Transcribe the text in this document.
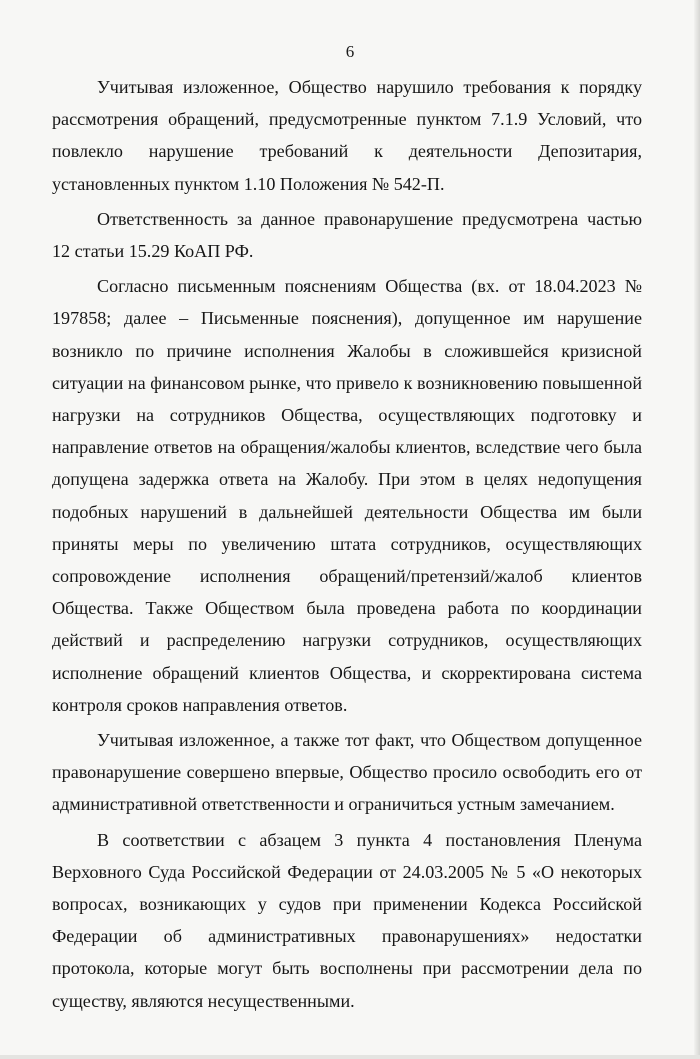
6

Учитывая изложенное, Общество нарушило требования к порядку рассмотрения обращений, предусмотренные пунктом 7.1.9 Условий, что повлекло нарушение требований к деятельности Депозитария, установленных пунктом 1.10 Положения № 542-П.

Ответственность за данное правонарушение предусмотрена частью 12 статьи 15.29 КоАП РФ.

Согласно письменным пояснениям Общества (вх. от 18.04.2023 № 197858; далее – Письменные пояснения), допущенное им нарушение возникло по причине исполнения Жалобы в сложившейся кризисной ситуации на финансовом рынке, что привело к возникновению повышенной нагрузки на сотрудников Общества, осуществляющих подготовку и направление ответов на обращения/жалобы клиентов, вследствие чего была допущена задержка ответа на Жалобу. При этом в целях недопущения подобных нарушений в дальнейшей деятельности Общества им были приняты меры по увеличению штата сотрудников, осуществляющих сопровождение исполнения обращений/претензий/жалоб клиентов Общества. Также Обществом была проведена работа по координации действий и распределению нагрузки сотрудников, осуществляющих исполнение обращений клиентов Общества, и скорректирована система контроля сроков направления ответов.

Учитывая изложенное, а также тот факт, что Обществом допущенное правонарушение совершено впервые, Общество просило освободить его от административной ответственности и ограничиться устным замечанием.

В соответствии с абзацем 3 пункта 4 постановления Пленума Верховного Суда Российской Федерации от 24.03.2005 № 5 «О некоторых вопросах, возникающих у судов при применении Кодекса Российской Федерации об административных правонарушениях» недостатки протокола, которые могут быть восполнены при рассмотрении дела по существу, являются несущественными.
